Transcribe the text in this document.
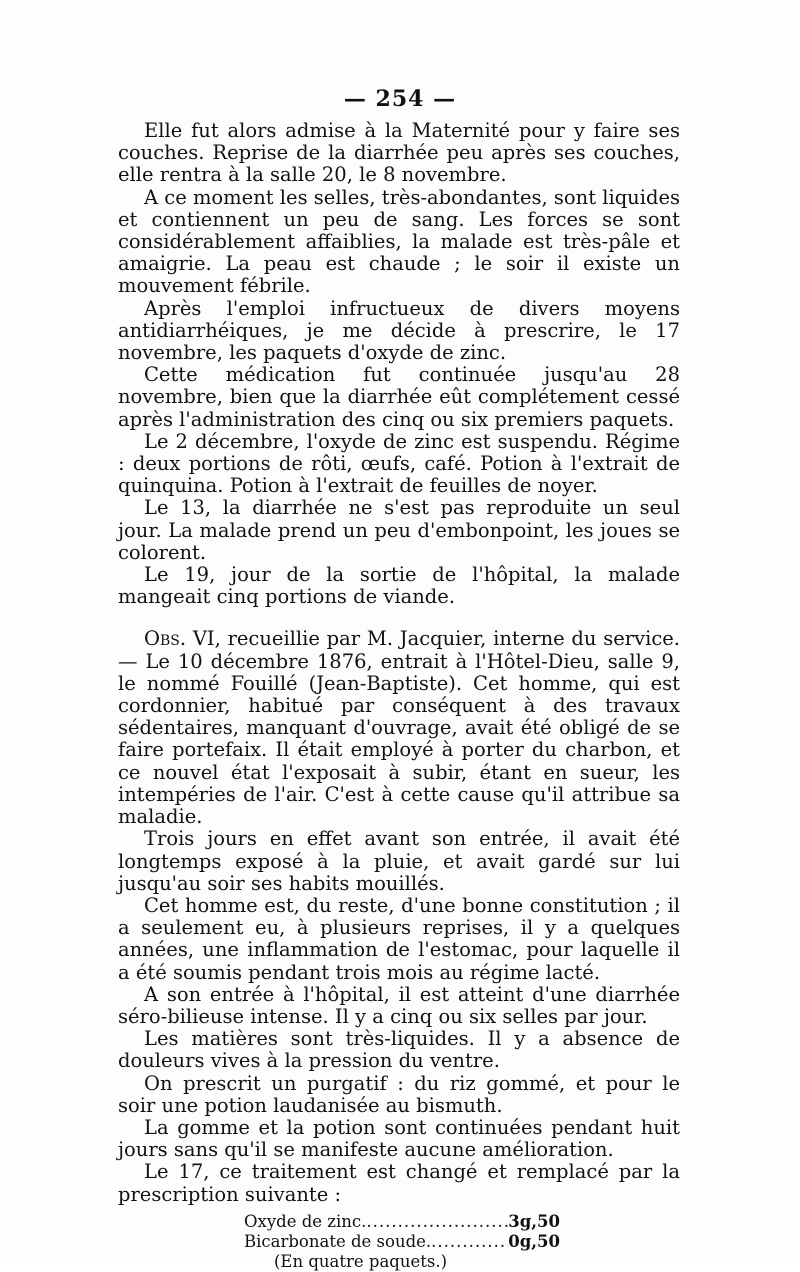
— 254 —

Elle fut alors admise à la Maternité pour y faire ses couches. Reprise de la diarrhée peu après ses couches, elle rentra à la salle 20, le 8 novembre.

A ce moment les selles, très-abondantes, sont liquides et contiennent un peu de sang. Les forces se sont considérablement affaiblies, la malade est très-pâle et amaigrie. La peau est chaude ; le soir il existe un mouvement fébrile.

Après l'emploi infructueux de divers moyens antidiarrhéiques, je me décide à prescrire, le 17 novembre, les paquets d'oxyde de zinc.

Cette médication fut continuée jusqu'au 28 novembre, bien que la diarrhée eût complétement cessé après l'administration des cinq ou six premiers paquets.

Le 2 décembre, l'oxyde de zinc est suspendu. Régime : deux portions de rôti, œufs, café. Potion à l'extrait de quinquina. Potion à l'extrait de feuilles de noyer.

Le 13, la diarrhée ne s'est pas reproduite un seul jour. La malade prend un peu d'embonpoint, les joues se colorent.

Le 19, jour de la sortie de l'hôpital, la malade mangeait cinq portions de viande.

Obs. VI, recueillie par M. Jacquier, interne du service. — Le 10 décembre 1876, entrait à l'Hôtel-Dieu, salle 9, le nommé Fouillé (Jean-Baptiste). Cet homme, qui est cordonnier, habitué par conséquent à des travaux sédentaires, manquant d'ouvrage, avait été obligé de se faire portefaix. Il était employé à porter du charbon, et ce nouvel état l'exposait à subir, étant en sueur, les intempéries de l'air. C'est à cette cause qu'il attribue sa maladie.

Trois jours en effet avant son entrée, il avait été longtemps exposé à la pluie, et avait gardé sur lui jusqu'au soir ses habits mouillés.

Cet homme est, du reste, d'une bonne constitution ; il a seulement eu, à plusieurs reprises, il y a quelques années, une inflammation de l'estomac, pour laquelle il a été soumis pendant trois mois au régime lacté.

A son entrée à l'hôpital, il est atteint d'une diarrhée séro-bilieuse intense. Il y a cinq ou six selles par jour.

Les matières sont très-liquides. Il y a absence de douleurs vives à la pression du ventre.

On prescrit un purgatif : du riz gommé, et pour le soir une potion laudanisée au bismuth.

La gomme et la potion sont continuées pendant huit jours sans qu'il se manifeste aucune amélioration.

Le 17, ce traitement est changé et remplacé par la prescription suivante :

Oxyde de zinc. .....	3g,50
Bicarbonate de soude. .....	0g,50
(En quatre paquets.)
